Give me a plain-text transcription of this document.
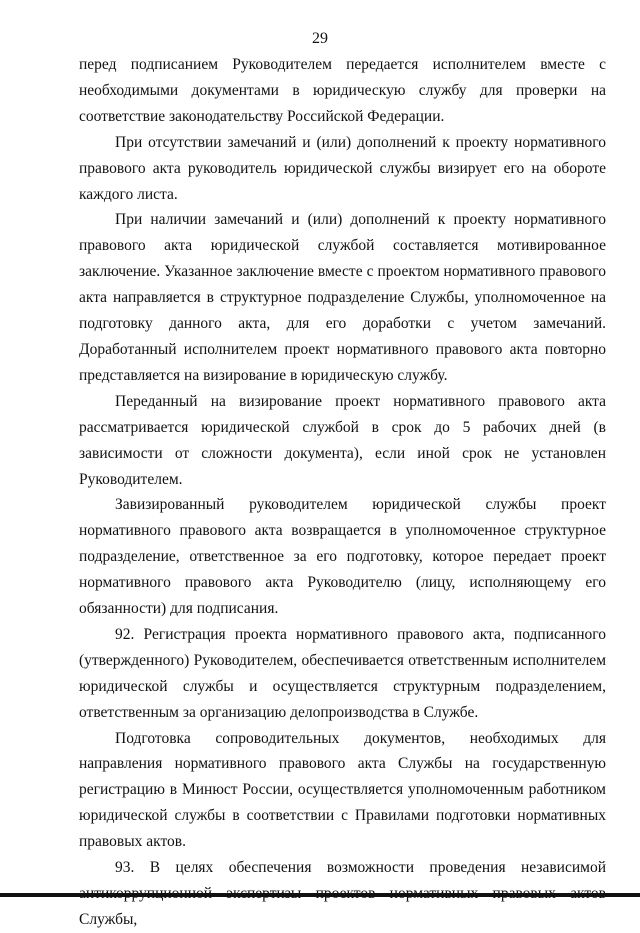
29

перед подписанием Руководителем передается исполнителем вместе с необходимыми документами в юридическую службу для проверки на соответствие законодательству Российской Федерации.

При отсутствии замечаний и (или) дополнений к проекту нормативного правового акта руководитель юридической службы визирует его на обороте каждого листа.

При наличии замечаний и (или) дополнений к проекту нормативного правового акта юридической службой составляется мотивированное заключение. Указанное заключение вместе с проектом нормативного правового акта направляется в структурное подразделение Службы, уполномоченное на подготовку данного акта, для его доработки с учетом замечаний. Доработанный исполнителем проект нормативного правового акта повторно представляется на визирование в юридическую службу.

Переданный на визирование проект нормативного правового акта рассматривается юридической службой в срок до 5 рабочих дней (в зависимости от сложности документа), если иной срок не установлен Руководителем.

Завизированный руководителем юридической службы проект нормативного правового акта возвращается в уполномоченное структурное подразделение, ответственное за его подготовку, которое передает проект нормативного правового акта Руководителю (лицу, исполняющему его обязанности) для подписания.

92. Регистрация проекта нормативного правового акта, подписанного (утвержденного) Руководителем, обеспечивается ответственным исполнителем юридической службы и осуществляется структурным подразделением, ответственным за организацию делопроизводства в Службе.

Подготовка сопроводительных документов, необходимых для направления нормативного правового акта Службы на государственную регистрацию в Минюст России, осуществляется уполномоченным работником юридической службы в соответствии с Правилами подготовки нормативных правовых актов.

93. В целях обеспечения возможности проведения независимой Службы,
